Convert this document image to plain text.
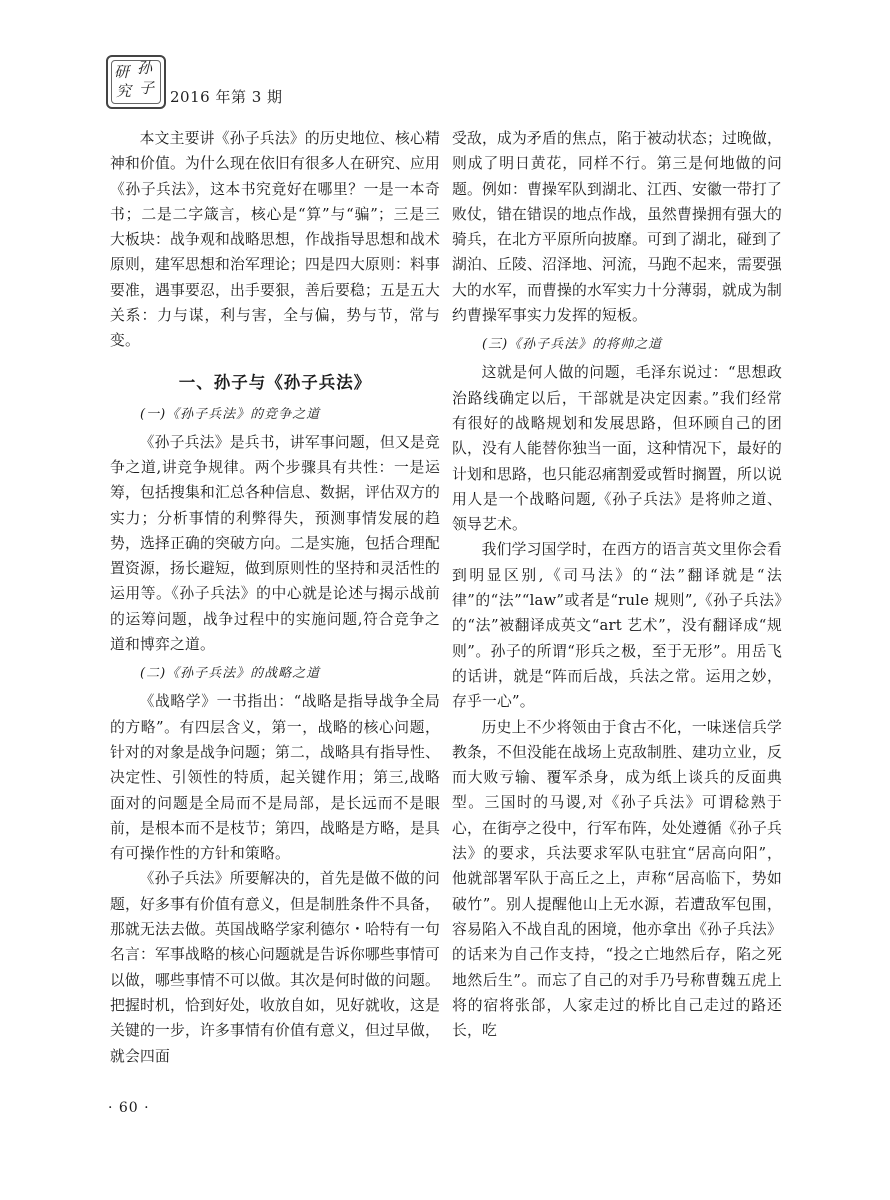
研 孙
究 子 2016 年第 3 期

本文主要讲《孙子兵法》的历史地位、核心精神和价值。为什么现在依旧有很多人在研究、应用《孙子兵法》，这本书究竟好在哪里？一是一本奇书；二是二字箴言，核心是“算”与“骗”；三是三大板块：战争观和战略思想，作战指导思想和战术原则，建军思想和治军理论；四是四大原则：料事要准，遇事要忍，出手要狠，善后要稳；五是五大关系：力与谋，利与害，全与偏，势与节，常与变。

一、孙子与《孙子兵法》
(一)《孙子兵法》的竞争之道

《孙子兵法》是兵书，讲军事问题，但又是竞争之道,讲竞争规律。两个步骤具有共性：一是运筹，包括搜集和汇总各种信息、数据，评估双方的实力；分析事情的利弊得失，预测事情发展的趋势，选择正确的突破方向。二是实施，包括合理配置资源，扬长避短，做到原则性的坚持和灵活性的运用等。《孙子兵法》的中心就是论述与揭示战前的运筹问题，战争过程中的实施问题,符合竞争之道和博弈之道。

(二)《孙子兵法》的战略之道

《战略学》一书指出：“战略是指导战争全局的方略”。有四层含义，第一，战略的核心问题，针对的对象是战争问题；第二，战略具有指导性、决定性、引领性的特质，起关键作用；第三,战略面对的问题是全局而不是局部，是长远而不是眼前，是根本而不是枝节；第四，战略是方略，是具有可操作性的方针和策略。

《孙子兵法》所要解决的，首先是做不做的问题，好多事有价值有意义，但是制胜条件不具备，那就无法去做。英国战略学家利德尔・哈特有一句名言：军事战略的核心问题就是告诉你哪些事情可以做，哪些事情不可以做。其次是何时做的问题。把握时机，恰到好处，收放自如，见好就收，这是关键的一步，许多事情有价值有意义，但过早做，就会四面

受敌，成为矛盾的焦点，陷于被动状态；过晚做，则成了明日黄花，同样不行。第三是何地做的问题。例如：曹操军队到湖北、江西、安徽一带打了败仗，错在错误的地点作战，虽然曹操拥有强大的骑兵，在北方平原所向披靡。可到了湖北，碰到了湖泊、丘陵、沼泽地、河流，马跑不起来，需要强大的水军，而曹操的水军实力十分薄弱，就成为制约曹操军事实力发挥的短板。

(三)《孙子兵法》的将帅之道

这就是何人做的问题，毛泽东说过：“思想政治路线确定以后，干部就是决定因素。”我们经常有很好的战略规划和发展思路，但环顾自己的团队，没有人能替你独当一面，这种情况下，最好的计划和思路，也只能忍痛割爱或暂时搁置，所以说用人是一个战略问题,《孙子兵法》是将帅之道、领导艺术。

我们学习国学时，在西方的语言英文里你会看到明显区别,《司马法》的“法”翻译就是“法律”的“法”“law”或者是“rule 规则”,《孙子兵法》的“法”被翻译成英文“art 艺术”，没有翻译成“规则”。孙子的所谓“形兵之极，至于无形”。用岳飞的话讲，就是“阵而后战，兵法之常。运用之妙，存乎一心”。

历史上不少将领由于食古不化，一味迷信兵学教条，不但没能在战场上克敌制胜、建功立业，反而大败亏输、覆军杀身，成为纸上谈兵的反面典型。三国时的马谡,对《孙子兵法》可谓稔熟于心，在街亭之役中，行军布阵，处处遵循《孙子兵法》的要求，兵法要求军队屯驻宜“居高向阳”，他就部署军队于高丘之上，声称“居高临下，势如破竹”。别人提醒他山上无水源，若遭敌军包围，容易陷入不战自乱的困境，他亦拿出《孙子兵法》的话来为自己作支持，“投之亡地然后存，陷之死地然后生”。而忘了自己的对手乃号称曹魏五虎上将的宿将张郃，人家走过的桥比自己走过的路还长，吃

· 60 ·
